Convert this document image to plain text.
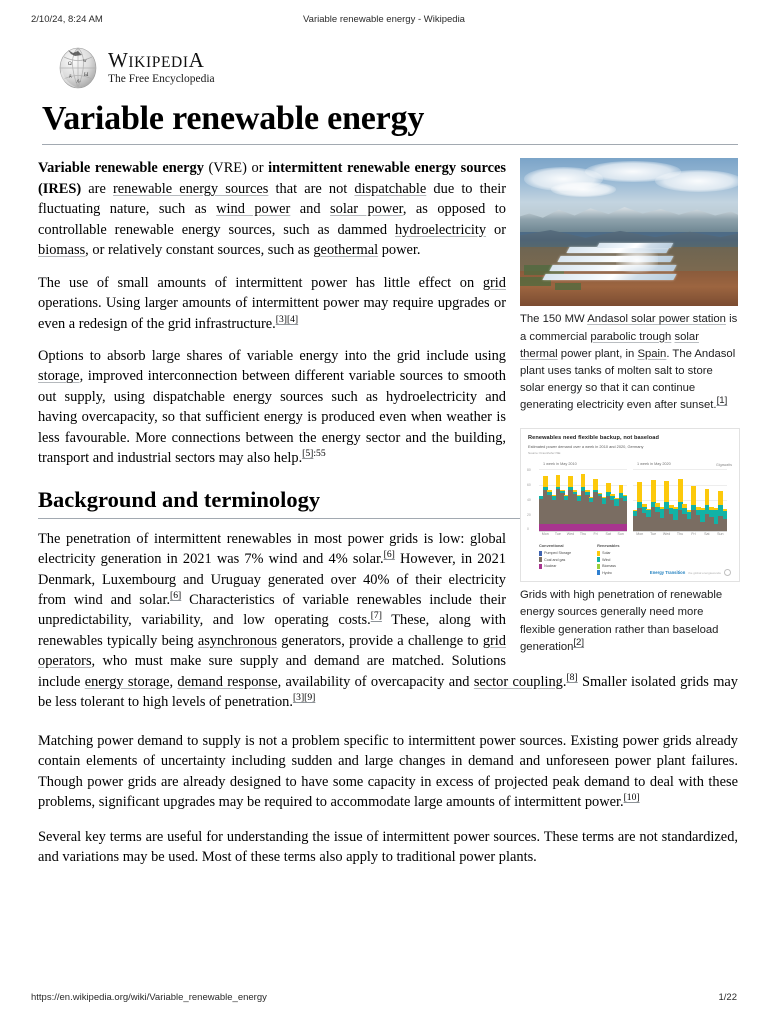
2/10/24, 8:24 AM	Variable renewable energy - Wikipedia
Ω
w
д Ы
ル
WIKIPEDIA
The Free Encyclopedia
Variable renewable energy
The 150 MW Andasol solar power station is a commercial parabolic trough solar thermal power plant, in Spain. The Andasol plant uses tanks of molten salt to store solar energy so that it can continue generating electricity even after sunset.[1]
Renewables need flexible backup, not baseload
Estimated power demand over a week in 2010 and 2020, Germany
Source: Fraunhofer ISE
Gigawatts
1 week in May 2010	1 week in May 2020
80
60
40
20
0
Mon Tue Wed Thu Fri Sat Sun	Mon Tue Wed Thu Fri Sat Sun
Conventional
Pumped Storage
Coal and gas
Nuclear
Renewables
Solar
Wind
Biomass
Hydro	Energy Transition the global energiewende
Grids with high penetration of renewable energy sources generally need more flexible generation rather than baseload generation[2]

Variable renewable energy (VRE) or intermittent renewable energy sources (IRES) are renewable energy sources that are not dispatchable due to their fluctuating nature, such as wind power and solar power, as opposed to controllable renewable energy sources, such as dammed hydroelectricity or biomass, or relatively constant sources, such as geothermal power.

The use of small amounts of intermittent power has little effect on grid operations. Using larger amounts of intermittent power may require upgrades or even a redesign of the grid infrastructure.[3][4]

Options to absorb large shares of variable energy into the grid include using storage, improved interconnection between different variable sources to smooth out supply, using dispatchable energy sources such as hydroelectricity and having overcapacity, so that sufficient energy is produced even when weather is less favourable. More connections between the energy sector and the building, transport and industrial sectors may also help.$^{[5]:55}$

Background and terminology

The penetration of intermittent renewables in most power grids is low: global electricity generation in 2021 was 7% wind and 4% solar.[6] However, in 2021 Denmark, Luxembourg and Uruguay generated over 40% of their electricity from wind and solar.[6] Characteristics of variable renewables include their unpredictability, variability, and low operating costs.[7] These, along with renewables typically being asynchronous generators, provide a challenge to grid operators, who must make sure supply and demand are matched. Solutions include energy storage, demand response, availability of overcapacity and sector coupling.[8] Smaller isolated grids may be less tolerant to high levels of penetration.[3][9]

Matching power demand to supply is not a problem specific to intermittent power sources. Existing power grids already contain elements of uncertainty including sudden and large changes in demand and unforeseen power plant failures. Though power grids are already designed to have some capacity in excess of projected peak demand to deal with these problems, significant upgrades may be required to accommodate large amounts of intermittent power.[10]

Several key terms are useful for understanding the issue of intermittent power sources. These terms are not standardized, and variations may be used. Most of these terms also apply to traditional power plants.

https://en.wikipedia.org/wiki/Variable_renewable_energy	1/22
